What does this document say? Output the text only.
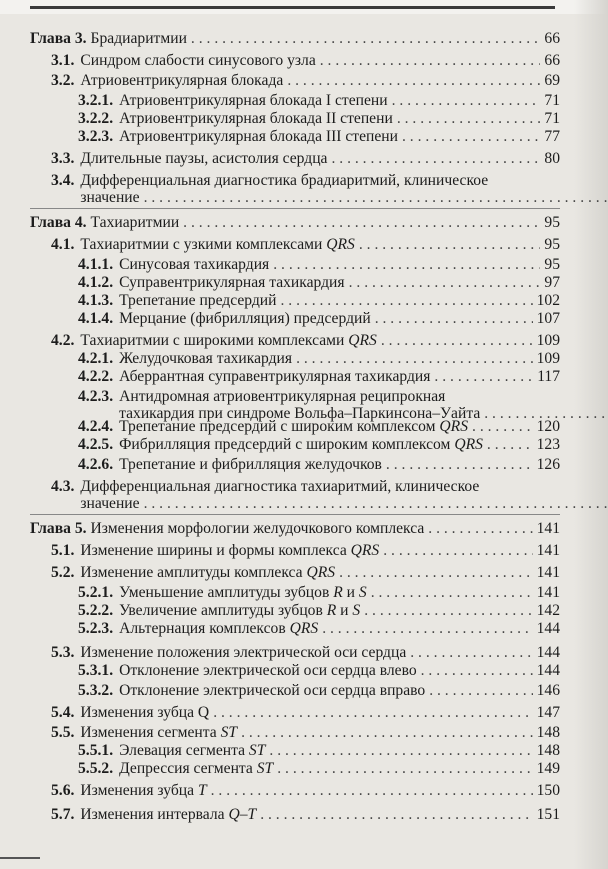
Глава 3. Брадиаритмии . . .	66
3.1. Синдром слабости синусового узла . . .	66
3.2. Атриовентрикулярная блокада . . .	69
3.2.1. Атриовентрикулярная блокада I степени . . .	71
3.2.2. Атриовентрикулярная блокада II степени . . .	71
3.2.3. Атриовентрикулярная блокада III степени . . .	77
3.3. Длительные паузы, асистолия сердца . . .	80
3.4. Дифференциальная диагностика брадиаритмий, клиническое
значение
. . .
Глава 4. Тахиаритмии . . .	95
4.1. Тахиаритмии с узкими комплексами QRS . . .	95
4.1.1. Синусовая тахикардия . . .	95
4.1.2. Суправентрикулярная тахикардия . . .	97
4.1.3. Трепетание предсердий . . .	102
4.1.4. Мерцание (фибрилляция) предсердий . . .	107
4.2. Тахиаритмии с широкими комплексами QRS . . .	109
4.2.1. Желудочковая тахикардия . . .	109
4.2.2. Аберрантная суправентрикулярная тахикардия . . .	117
4.2.3. Антидромная атриовентрикулярная реципрокная
тахикардия при синдроме Вольфа–Паркинсона–Уайта
. . .
4.2.4. Трепетание предсердий с широким комплексом QRS . . .	120
4.2.5. Фибрилляция предсердий с широким комплексом QRS . . .	123
4.2.6. Трепетание и фибрилляция желудочков . . .	126
4.3. Дифференциальная диагностика тахиаритмий, клиническое
значение
. . .
Глава 5. Изменения морфологии желудочкового комплекса . . .	141
5.1. Изменение ширины и формы комплекса QRS . . .	141
5.2. Изменение амплитуды комплекса QRS . . .	141
5.2.1. Уменьшение амплитуды зубцов R и S . . .	141
5.2.2. Увеличение амплитуды зубцов R и S . . .	142
5.2.3. Альтернация комплексов QRS . . .	144
5.3. Изменение положения электрической оси сердца . . .	144
5.3.1. Отклонение электрической оси сердца влево . . .	144
5.3.2. Отклонение электрической оси сердца вправо . . .	146
5.4. Изменения зубца Q . . .	147
5.5. Изменения сегмента ST . . .	148
5.5.1. Элевация сегмента ST . . .	148
5.5.2. Депрессия сегмента ST . . .	149
5.6. Изменения зубца T . . .	150
5.7. Изменения интервала Q–T . . .	151
